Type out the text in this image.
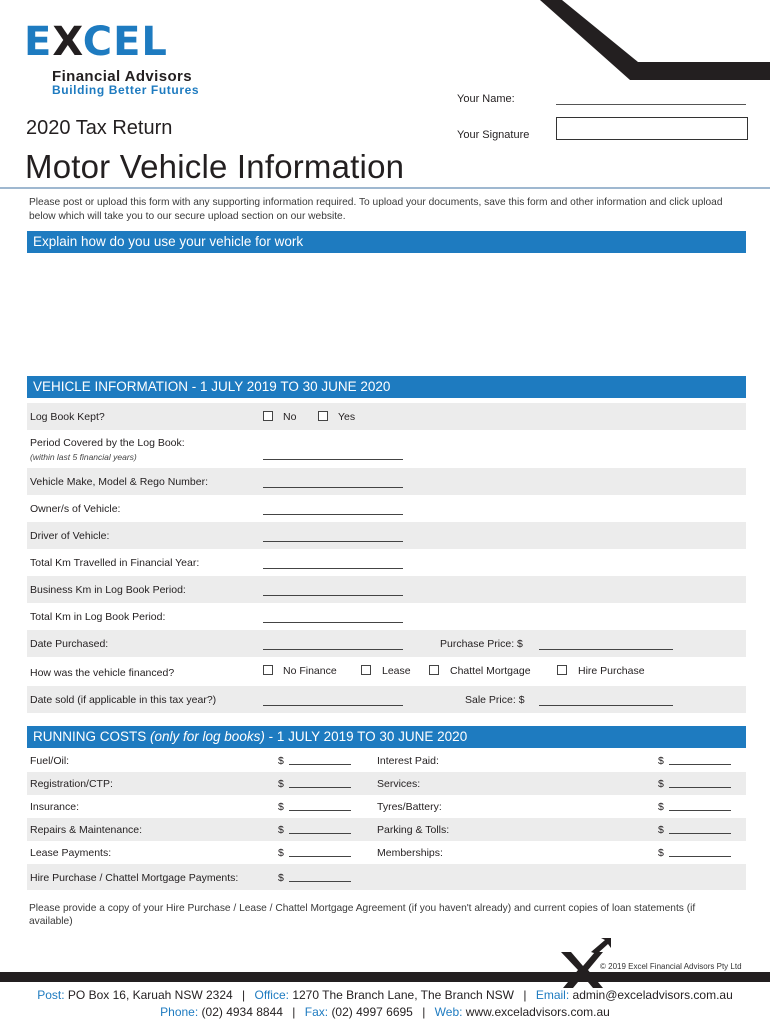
EXCEL
Financial Advisors
Building Better Futures
Your Name:
Your Signature
2020 Tax Return
Motor Vehicle Information
Please post or upload this form with any supporting information required. To upload your documents, save this form and other information and click upload below which will take you to our secure upload section on our website.
Explain how do you use your vehicle for work
VEHICLE INFORMATION - 1 JULY 2019 TO 30 JUNE 2020
Log Book Kept?	No	Yes
Period Covered by the Log Book:
(within last 5 financial years)
Vehicle Make, Model & Rego Number:
Owner/s of Vehicle:
Driver of Vehicle:
Total Km Travelled in Financial Year:
Business Km in Log Book Period:
Total Km in Log Book Period:
Date Purchased:	Purchase Price: $
How was the vehicle financed?	No Finance	Lease	Chattel Mortgage	Hire Purchase
Date sold (if applicable in this tax year?)	Sale Price: $
RUNNING COSTS (only for log books) - 1 JULY 2019 TO 30 JUNE 2020
Fuel/Oil:	$	Interest Paid:	$
Registration/CTP:	$	Services:	$
Insurance:	$	Tyres/Battery:	$
Repairs & Maintenance:	$	Parking & Tolls:	$
Lease Payments:	$	Memberships:	$
Hire Purchase / Chattel Mortgage Payments:	$
Please provide a copy of your Hire Purchase / Lease / Chattel Mortgage Agreement (if you haven't already) and current copies of loan statements (if available)
© 2019 Excel Financial Advisors Pty Ltd
Post: PO Box 16, Karuah NSW 2324 | Office: 1270 The Branch Lane, The Branch NSW | Email: admin@exceladvisors.com.au
Phone: (02) 4934 8844 | Fax: (02) 4997 6695 | Web: www.exceladvisors.com.au
